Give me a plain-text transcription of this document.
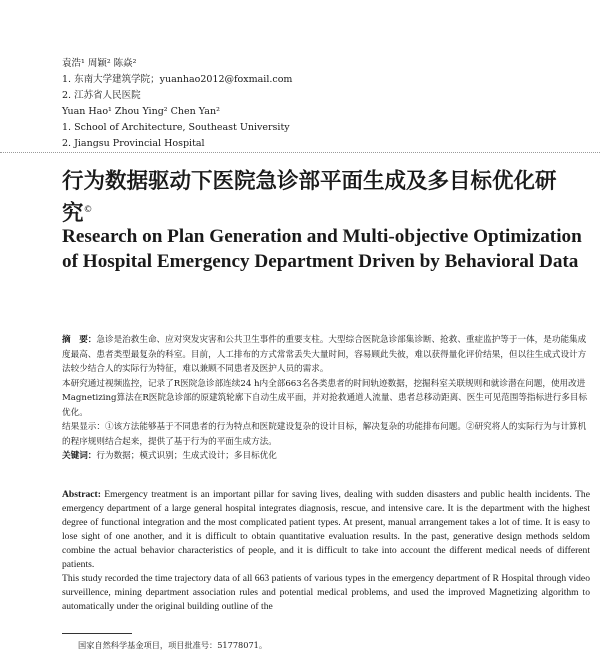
袁浩¹ 周颖² 陈焱²
1. 东南大学建筑学院；yuanhao2012@foxmail.com
2. 江苏省人民医院
Yuan Hao¹ Zhou Ying² Chen Yan²
1. School of Architecture, Southeast University
2. Jiangsu Provincial Hospital
行为数据驱动下医院急诊部平面生成及多目标优化研究©
Research on Plan Generation and Multi-objective Optimization of Hospital Emergency Department Driven by Behavioral Data
摘　要：急诊是治救生命、应对突发灾害和公共卫生事件的重要支柱。大型综合医院急诊部集诊断、抢救、重症监护等于一体，是功能集成度最高、患者类型最复杂的科室。目前，人工排布的方式常常丢失大量时间，容易顾此失彼，难以获得量化评价结果，但以往生成式设计方法较少结合人的实际行为特征，难以兼顾不同患者及医护人员的需求。
本研究通过视频监控，记录了R医院急诊部连续24 h内全部663名各类患者的时间轨迹数据，挖掘科室关联规则和就诊潜在问题，使用改进Magnetizing算法在R医院急诊部的原建筑轮廓下自动生成平面，并对抢救通道人流量、患者总移动距离、医生可见范围等指标进行多目标优化。
结果显示：①该方法能够基于不同患者的行为特点和医院建设复杂的设计目标，解决复杂的功能排布问题。②研究将人的实际行为与计算机的程序规则结合起来，提供了基于行为的平面生成方法。
关键词：行为数据；模式识别；生成式设计；多目标优化
Abstract: Emergency treatment is an important pillar for saving lives, dealing with sudden disasters and public health incidents. The emergency department of a large general hospital integrates diagnosis, rescue, and intensive care. It is the department with the highest degree of functional integration and the most complicated patient types. At present, manual arrangement takes a lot of time. It is easy to lose sight of one another, and it is difficult to obtain quantitative evaluation results. In the past, generative design methods seldom combine the actual behavior characteristics of people, and it is difficult to take into account the different medical needs of different patients.
This study recorded the time trajectory data of all 663 patients of various types in the emergency department of R Hospital through video surveillence, mining department association rules and potential medical problems, and used the improved Magnetizing algorithm to automatically under the original building outline of the
国家自然科学基金项目，项目批准号：51778071。
